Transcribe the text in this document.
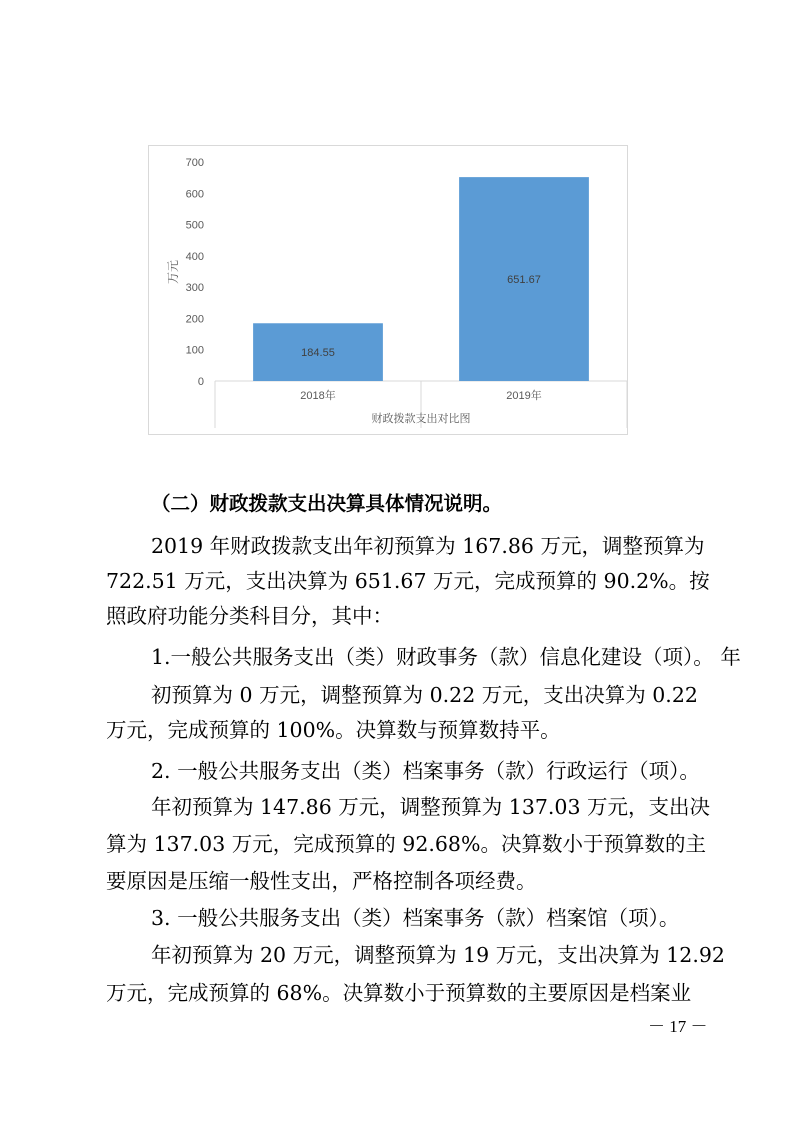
0
100
200
300
400
500
600
700
184.55
2018年
651.67
2019年
财政拨款支出对比图
万元
（二）财政拨款支出决算具体情况说明。
2019 年财政拨款支出年初预算为 167.86 万元，调整预算为
722.51 万元，支出决算为 651.67 万元，完成预算的 90.2%。按
照政府功能分类科目分，其中：
1.一般公共服务支出（类）财政事务（款）信息化建设（项）。 年
初预算为 0 万元，调整预算为 0.22 万元，支出决算为 0.22
万元，完成预算的 100%。决算数与预算数持平。
2. 一般公共服务支出（类）档案事务（款）行政运行（项）。
年初预算为 147.86 万元，调整预算为 137.03 万元，支出决
算为 137.03 万元，完成预算的 92.68%。决算数小于预算数的主
要原因是压缩一般性支出，严格控制各项经费。
3. 一般公共服务支出（类）档案事务（款）档案馆（项）。
年初预算为 20 万元，调整预算为 19 万元，支出决算为 12.92
万元，完成预算的 68%。决算数小于预算数的主要原因是档案业
－ 17 －
